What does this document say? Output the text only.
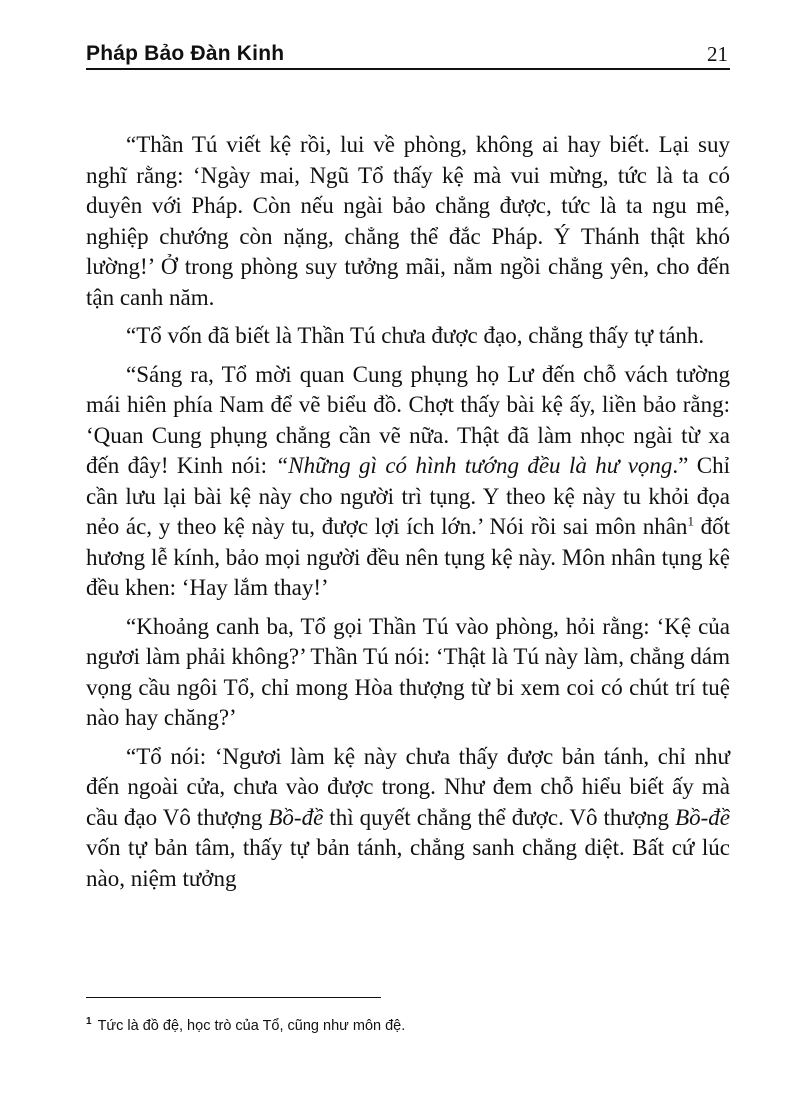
Pháp Bảo Đàn Kinh	21

“Thần Tú viết kệ rồi, lui về phòng, không ai hay biết. Lại suy nghĩ rằng: ‘Ngày mai, Ngũ Tổ thấy kệ mà vui mừng, tức là ta có duyên với Pháp. Còn nếu ngài bảo chẳng được, tức là ta ngu mê, nghiệp chướng còn nặng, chẳng thể đắc Pháp. Ý Thánh thật khó lường!’ Ở trong phòng suy tưởng mãi, nằm ngồi chẳng yên, cho đến tận canh năm.

“Tổ vốn đã biết là Thần Tú chưa được đạo, chẳng thấy tự tánh.

“Sáng ra, Tổ mời quan Cung phụng họ Lư đến chỗ vách tường mái hiên phía Nam để vẽ biểu đồ. Chợt thấy bài kệ ấy, liền bảo rằng: ‘Quan Cung phụng chẳng cần vẽ nữa. Thật đã làm nhọc ngài từ xa đến đây! Kinh nói: “Những gì có hình tướng đều là hư vọng.” Chỉ cần lưu lại bài kệ này cho người trì tụng. Y theo kệ này tu khỏi đọa nẻo ác, y theo kệ này tu, được lợi ích lớn.’ Nói rồi sai môn nhân$^1$ đốt hương lễ kính, bảo mọi người đều nên tụng kệ này. Môn nhân tụng kệ đều khen: ‘Hay lắm thay!’

“Khoảng canh ba, Tổ gọi Thần Tú vào phòng, hỏi rằng: ‘Kệ của ngươi làm phải không?’ Thần Tú nói: ‘Thật là Tú này làm, chẳng dám vọng cầu ngôi Tổ, chỉ mong Hòa thượng từ bi xem coi có chút trí tuệ nào hay chăng?’

“Tổ nói: ‘Ngươi làm kệ này chưa thấy được bản tánh, chỉ như đến ngoài cửa, chưa vào được trong. Như đem chỗ hiểu biết ấy mà cầu đạo Vô thượng Bồ-đề thì quyết chẳng thể được. Vô thượng Bồ-đề vốn tự bản tâm, thấy tự bản tánh, chẳng sanh chẳng diệt. Bất cứ lúc nào, niệm tưởng

$^1$ Tức là đồ đệ, học trò của Tổ, cũng như môn đệ.
